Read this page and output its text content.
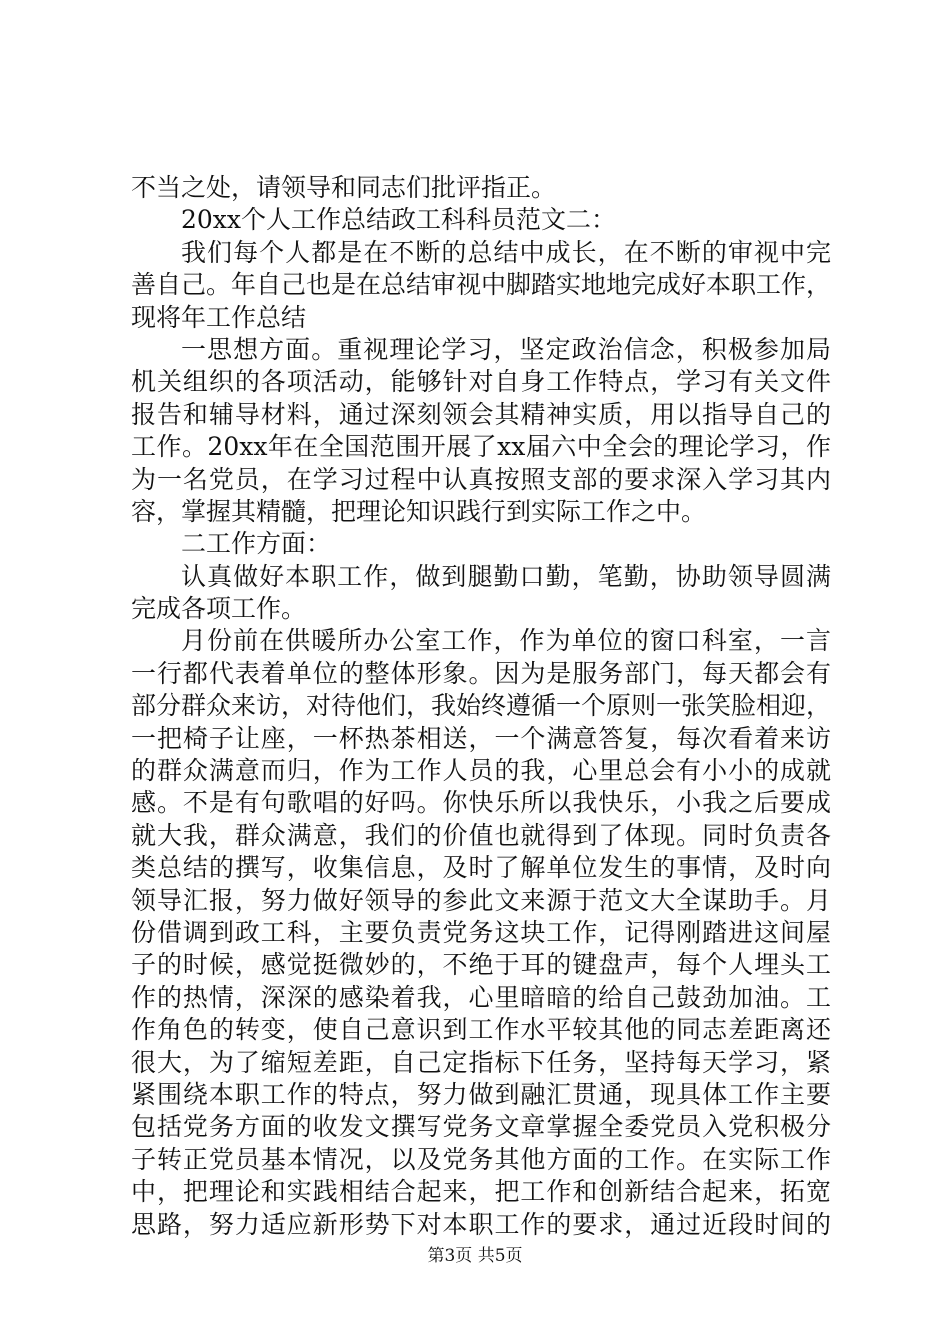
不当之处，请领导和同志们批评指正。
20xx个人工作总结政工科科员范文二：
我们每个人都是在不断的总结中成长，在不断的审视中完
善自己。年自己也是在总结审视中脚踏实地地完成好本职工作，
现将年工作总结
一思想方面。重视理论学习，坚定政治信念，积极参加局
机关组织的各项活动，能够针对自身工作特点，学习有关文件
报告和辅导材料，通过深刻领会其精神实质，用以指导自己的
工作。20xx年在全国范围开展了xx届六中全会的理论学习，作
为一名党员，在学习过程中认真按照支部的要求深入学习其内
容，掌握其精髓，把理论知识践行到实际工作之中。
二工作方面：
认真做好本职工作，做到腿勤口勤，笔勤，协助领导圆满
完成各项工作。
月份前在供暖所办公室工作，作为单位的窗口科室，一言
一行都代表着单位的整体形象。因为是服务部门，每天都会有
部分群众来访，对待他们，我始终遵循一个原则一张笑脸相迎，
一把椅子让座，一杯热茶相送，一个满意答复，每次看着来访
的群众满意而归，作为工作人员的我，心里总会有小小的成就
感。不是有句歌唱的好吗。你快乐所以我快乐，小我之后要成
就大我，群众满意，我们的价值也就得到了体现。同时负责各
类总结的撰写，收集信息，及时了解单位发生的事情，及时向
领导汇报，努力做好领导的参此文来源于范文大全谋助手。月
份借调到政工科，主要负责党务这块工作，记得刚踏进这间屋
子的时候，感觉挺微妙的，不绝于耳的键盘声，每个人埋头工
作的热情，深深的感染着我，心里暗暗的给自己鼓劲加油。工
作角色的转变，使自己意识到工作水平较其他的同志差距离还
很大，为了缩短差距，自己定指标下任务，坚持每天学习，紧
紧围绕本职工作的特点，努力做到融汇贯通，现具体工作主要
包括党务方面的收发文撰写党务文章掌握全委党员入党积极分
子转正党员基本情况，以及党务其他方面的工作。在实际工作
中，把理论和实践相结合起来，把工作和创新结合起来，拓宽
思路，努力适应新形势下对本职工作的要求，通过近段时间的
第3页 共5页
